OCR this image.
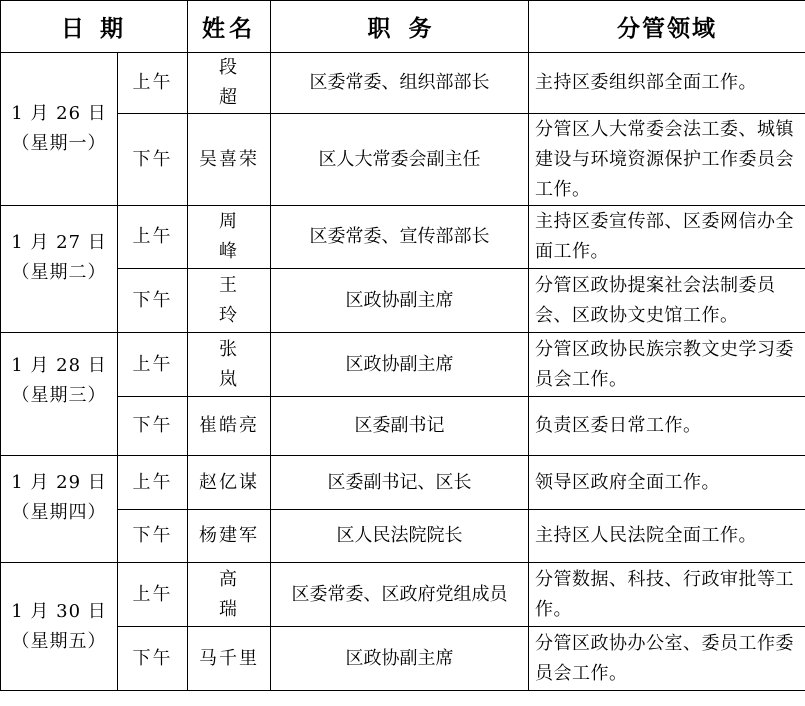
日 期		姓名	职务	分管领域

1 月 26 日
（星期一）	上午	段 超	区委常委、组织部部长	主持区委组织部全面工作。
	下午	吴喜荣	区人大常委会副主任	分管区人大常委会法工委、城镇建设与环境资源保护工作委员会工作。

1 月 27 日
（星期二）	上午	周 峰	区委常委、宣传部部长	主持区委宣传部、区委网信办全面工作。
	下午	王 玲	区政协副主席	分管区政协提案社会法制委员会、区政协文史馆工作。

1 月 28 日
（星期三）	上午	张 岚	区政协副主席	分管区政协民族宗教文史学习委员会工作。
	下午	崔皓亮	区委副书记	负责区委日常工作。

1 月 29 日
（星期四）	上午	赵亿谋	区委副书记、区长	领导区政府全面工作。
	下午	杨建军	区人民法院院长	主持区人民法院全面工作。

1 月 30 日
（星期五）	上午	高 瑞	区委常委、区政府党组成员	分管数据、科技、行政审批等工作。
	下午	马千里	区政协副主席	分管区政协办公室、委员工作委员会工作。
